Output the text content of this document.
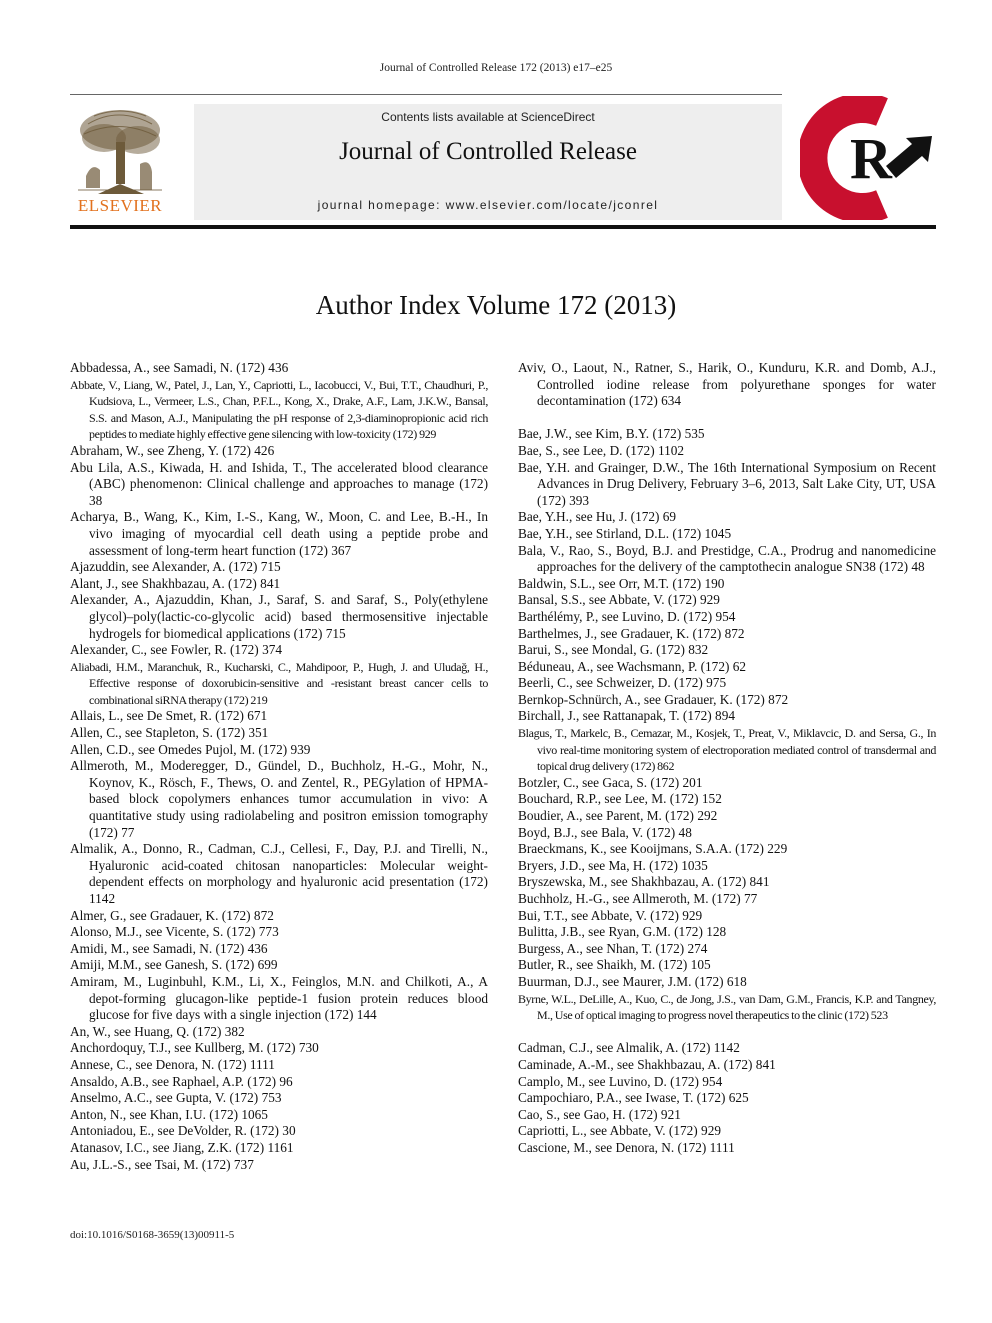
Journal of Controlled Release 172 (2013) e17–e25
ELSEVIER
Contents lists available at ScienceDirect
Journal of Controlled Release
journal homepage: www.elsevier.com/locate/jconrel
R
Author Index Volume 172 (2013)

Abbadessa, A., see Samadi, N. (172) 436

Abbate, V., Liang, W., Patel, J., Lan, Y., Capriotti, L., Iacobucci, V., Bui, T.T., Chaudhuri, P., Kudsiova, L., Vermeer, L.S., Chan, P.F.L., Kong, X., Drake, A.F., Lam, J.K.W., Bansal, S.S. and Mason, A.J., Manipulating the pH response of 2,3-diaminopropionic acid rich peptides to mediate highly effective gene silencing with low-toxicity (172) 929

Abraham, W., see Zheng, Y. (172) 426

Abu Lila, A.S., Kiwada, H. and Ishida, T., The accelerated blood clearance (ABC) phenomenon: Clinical challenge and approaches to manage (172) 38

Acharya, B., Wang, K., Kim, I.-S., Kang, W., Moon, C. and Lee, B.-H., In vivo imaging of myocardial cell death using a peptide probe and assessment of long-term heart function (172) 367

Ajazuddin, see Alexander, A. (172) 715

Alant, J., see Shakhbazau, A. (172) 841

Alexander, A., Ajazuddin, Khan, J., Saraf, S. and Saraf, S., Poly(ethylene glycol)–poly(lactic-co-glycolic acid) based thermosensitive injectable hydrogels for biomedical applications (172) 715

Alexander, C., see Fowler, R. (172) 374

Aliabadi, H.M., Maranchuk, R., Kucharski, C., Mahdipoor, P., Hugh, J. and Uludağ, H., Effective response of doxorubicin-sensitive and -resistant breast cancer cells to combinational siRNA therapy (172) 219

Allais, L., see De Smet, R. (172) 671

Allen, C., see Stapleton, S. (172) 351

Allen, C.D., see Omedes Pujol, M. (172) 939

Allmeroth, M., Moderegger, D., Gündel, D., Buchholz, H.-G., Mohr, N., Koynov, K., Rösch, F., Thews, O. and Zentel, R., PEGylation of HPMA-based block copolymers enhances tumor accumulation in vivo: A quantitative study using radiolabeling and positron emission tomography (172) 77

Almalik, A., Donno, R., Cadman, C.J., Cellesi, F., Day, P.J. and Tirelli, N., Hyaluronic acid-coated chitosan nanoparticles: Molecular weight-dependent effects on morphology and hyaluronic acid presentation (172) 1142

Almer, G., see Gradauer, K. (172) 872

Alonso, M.J., see Vicente, S. (172) 773

Amidi, M., see Samadi, N. (172) 436

Amiji, M.M., see Ganesh, S. (172) 699

Amiram, M., Luginbuhl, K.M., Li, X., Feinglos, M.N. and Chilkoti, A., A depot-forming glucagon-like peptide-1 fusion protein reduces blood glucose for five days with a single injection (172) 144

An, W., see Huang, Q. (172) 382

Anchordoquy, T.J., see Kullberg, M. (172) 730

Annese, C., see Denora, N. (172) 1111

Ansaldo, A.B., see Raphael, A.P. (172) 96

Anselmo, A.C., see Gupta, V. (172) 753

Anton, N., see Khan, I.U. (172) 1065

Antoniadou, E., see DeVolder, R. (172) 30

Atanasov, I.C., see Jiang, Z.K. (172) 1161

Au, J.L.-S., see Tsai, M. (172) 737

Aviv, O., Laout, N., Ratner, S., Harik, O., Kunduru, K.R. and Domb, A.J., Controlled iodine release from polyurethane sponges for water decontamination (172) 634

Bae, J.W., see Kim, B.Y. (172) 535

Bae, S., see Lee, D. (172) 1102

Bae, Y.H. and Grainger, D.W., The 16th International Symposium on Recent Advances in Drug Delivery, February 3–6, 2013, Salt Lake City, UT, USA (172) 393

Bae, Y.H., see Hu, J. (172) 69

Bae, Y.H., see Stirland, D.L. (172) 1045

Bala, V., Rao, S., Boyd, B.J. and Prestidge, C.A., Prodrug and nanomedicine approaches for the delivery of the camptothecin analogue SN38 (172) 48

Baldwin, S.L., see Orr, M.T. (172) 190

Bansal, S.S., see Abbate, V. (172) 929

Barthélémy, P., see Luvino, D. (172) 954

Barthelmes, J., see Gradauer, K. (172) 872

Barui, S., see Mondal, G. (172) 832

Béduneau, A., see Wachsmann, P. (172) 62

Beerli, C., see Schweizer, D. (172) 975

Bernkop-Schnürch, A., see Gradauer, K. (172) 872

Birchall, J., see Rattanapak, T. (172) 894

Blagus, T., Markelc, B., Cemazar, M., Kosjek, T., Preat, V., Miklavcic, D. and Sersa, G., In vivo real-time monitoring system of electroporation mediated control of transdermal and topical drug delivery (172) 862

Botzler, C., see Gaca, S. (172) 201

Bouchard, R.P., see Lee, M. (172) 152

Boudier, A., see Parent, M. (172) 292

Boyd, B.J., see Bala, V. (172) 48

Braeckmans, K., see Kooijmans, S.A.A. (172) 229

Bryers, J.D., see Ma, H. (172) 1035

Bryszewska, M., see Shakhbazau, A. (172) 841

Buchholz, H.-G., see Allmeroth, M. (172) 77

Bui, T.T., see Abbate, V. (172) 929

Bulitta, J.B., see Ryan, G.M. (172) 128

Burgess, A., see Nhan, T. (172) 274

Butler, R., see Shaikh, M. (172) 105

Buurman, D.J., see Maurer, J.M. (172) 618

Byrne, W.L., DeLille, A., Kuo, C., de Jong, J.S., van Dam, G.M., Francis, K.P. and Tangney, M., Use of optical imaging to progress novel therapeutics to the clinic (172) 523

Cadman, C.J., see Almalik, A. (172) 1142

Caminade, A.-M., see Shakhbazau, A. (172) 841

Camplo, M., see Luvino, D. (172) 954

Campochiaro, P.A., see Iwase, T. (172) 625

Cao, S., see Gao, H. (172) 921

Capriotti, L., see Abbate, V. (172) 929

Cascione, M., see Denora, N. (172) 1111

doi:10.1016/S0168-3659(13)00911-5
